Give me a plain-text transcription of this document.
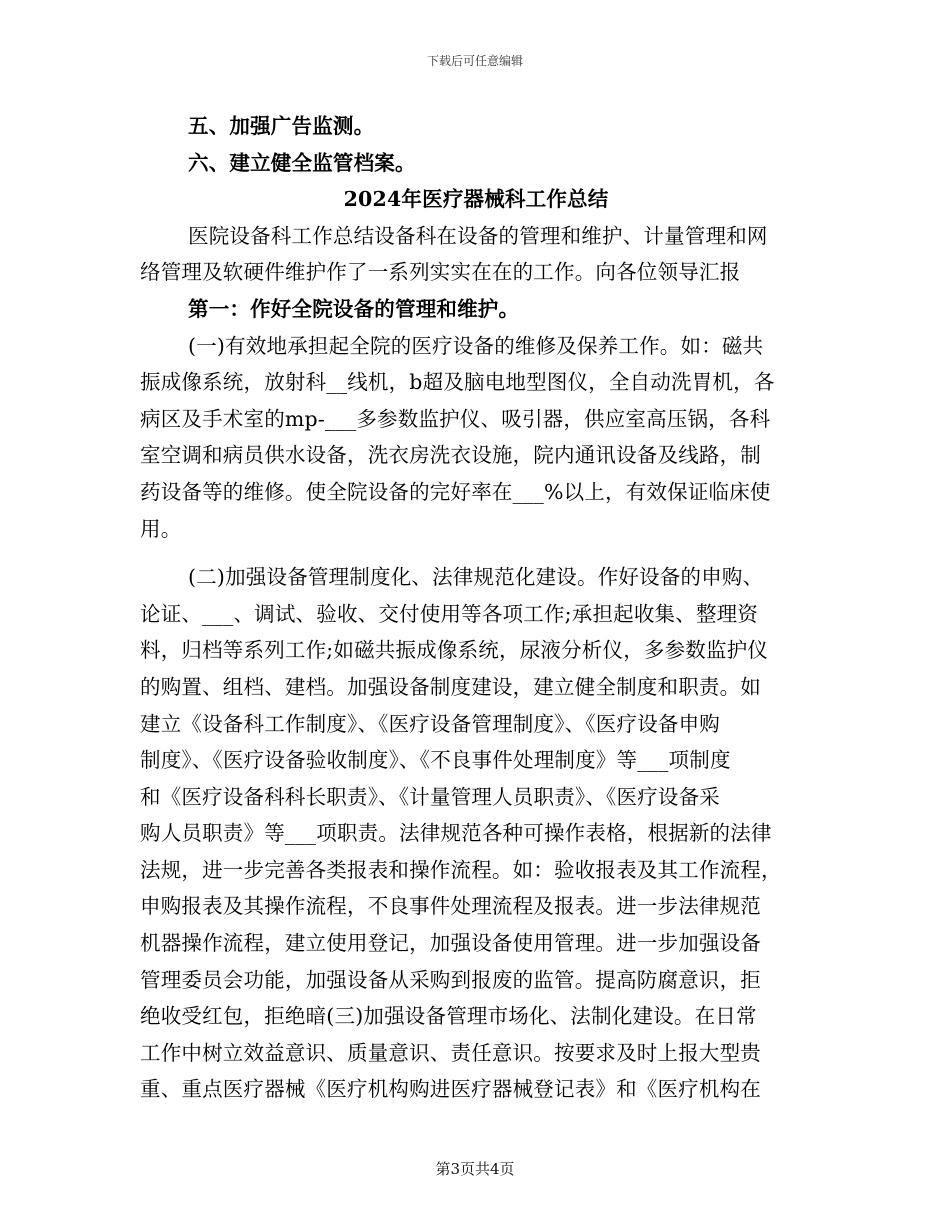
下载后可任意编辑
五、加强广告监测。
六、建立健全监管档案。
2024年医疗器械科工作总结
医院设备科工作总结设备科在设备的管理和维护、计量管理和网
络管理及软硬件维护作了一系列实实在在的工作。向各位领导汇报
第一：作好全院设备的管理和维护。
(一)有效地承担起全院的医疗设备的维修及保养工作。如：磁共
振成像系统，放射科__线机，b超及脑电地型图仪，全自动洗胃机，各
病区及手术室的mp-___多参数监护仪、吸引器，供应室高压锅，各科
室空调和病员供水设备，洗衣房洗衣设施，院内通讯设备及线路，制
药设备等的维修。使全院设备的完好率在___%以上，有效保证临床使
用。
(二)加强设备管理制度化、法律规范化建设。作好设备的申购、
论证、___、调试、验收、交付使用等各项工作;承担起收集、整理资
料，归档等系列工作;如磁共振成像系统，尿液分析仪，多参数监护仪
的购置、组档、建档。加强设备制度建设，建立健全制度和职责。如
建立《设备科工作制度》、《医疗设备管理制度》、《医疗设备申购
制度》、《医疗设备验收制度》、《不良事件处理制度》等___项制度
和《医疗设备科科长职责》、《计量管理人员职责》、《医疗设备采
购人员职责》等___项职责。法律规范各种可操作表格，根据新的法律
法规，进一步完善各类报表和操作流程。如：验收报表及其工作流程，
申购报表及其操作流程，不良事件处理流程及报表。进一步法律规范
机器操作流程，建立使用登记，加强设备使用管理。进一步加强设备
管理委员会功能，加强设备从采购到报废的监管。提高防腐意识，拒
绝收受红包，拒绝暗(三)加强设备管理市场化、法制化建设。在日常
工作中树立效益意识、质量意识、责任意识。按要求及时上报大型贵
重、重点医疗器械《医疗机构购进医疗器械登记表》和《医疗机构在
第3页共4页
